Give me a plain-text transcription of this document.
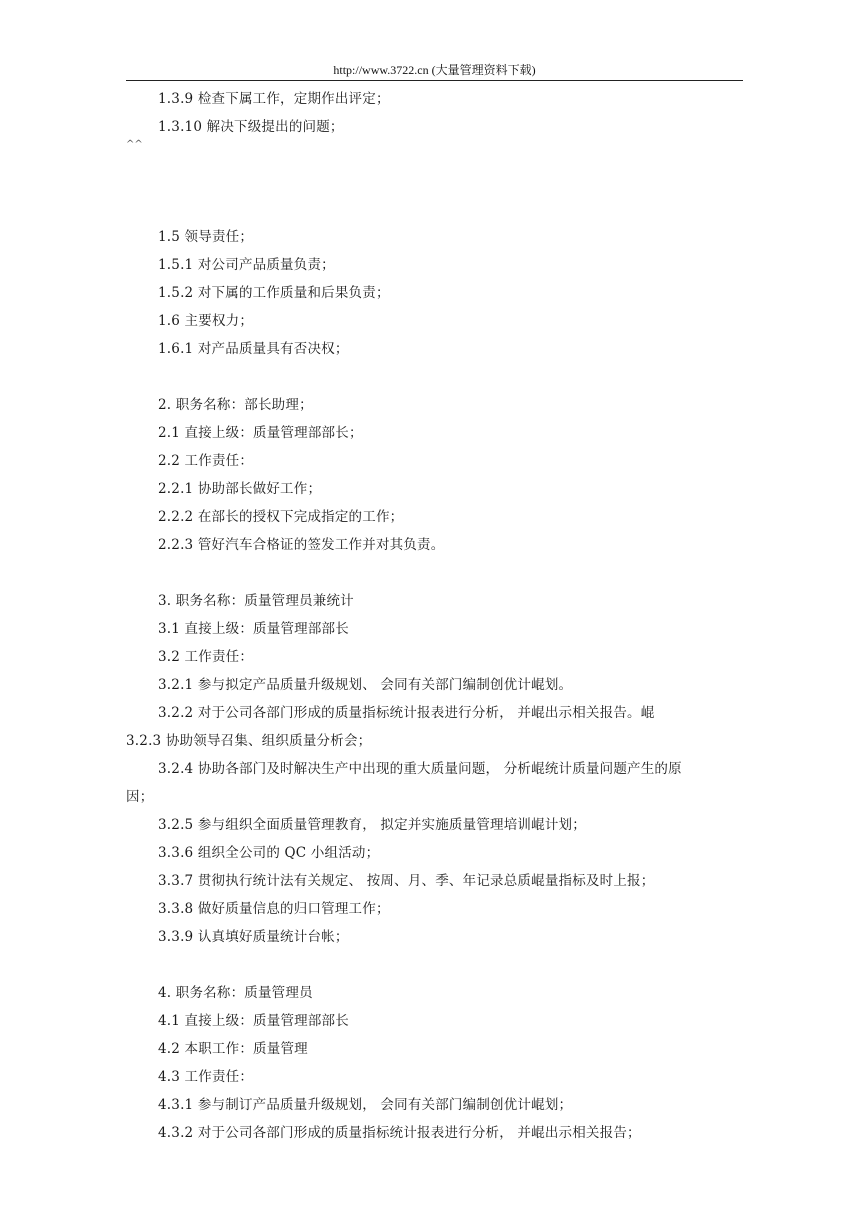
http://www.3722.cn (大量管理资料下载)
^^
1.3.9 检查下属工作，定期作出评定；
1.3.10 解决下级提出的问题；
1.5 领导责任；
1.5.1 对公司产品质量负责；
1.5.2 对下属的工作质量和后果负责；
1.6 主要权力；
1.6.1 对产品质量具有否决权；
2. 职务名称：部长助理；
2.1 直接上级：质量管理部部长；
2.2 工作责任：
2.2.1 协助部长做好工作；
2.2.2 在部长的授权下完成指定的工作；
2.2.3 管好汽车合格证的签发工作并对其负责。
3. 职务名称：质量管理员兼统计
3.1 直接上级：质量管理部部长
3.2 工作责任：
3.2.1 参与拟定产品质量升级规划、 会同有关部门编制创优计崐划。
3.2.2 对于公司各部门形成的质量指标统计报表进行分析， 并崐出示相关报告。崐
3.2.3 协助领导召集、组织质量分析会；
3.2.4 协助各部门及时解决生产中出现的重大质量问题， 分析崐统计质量问题产生的原
因；
3.2.5 参与组织全面质量管理教育， 拟定并实施质量管理培训崐计划；
3.3.6 组织全公司的 QC 小组活动；
3.3.7 贯彻执行统计法有关规定、 按周、月、季、年记录总质崐量指标及时上报；
3.3.8 做好质量信息的归口管理工作；
3.3.9 认真填好质量统计台帐；
4. 职务名称：质量管理员
4.1 直接上级：质量管理部部长
4.2 本职工作：质量管理
4.3 工作责任：
4.3.1 参与制订产品质量升级规划， 会同有关部门编制创优计崐划；
4.3.2 对于公司各部门形成的质量指标统计报表进行分析， 并崐出示相关报告；
